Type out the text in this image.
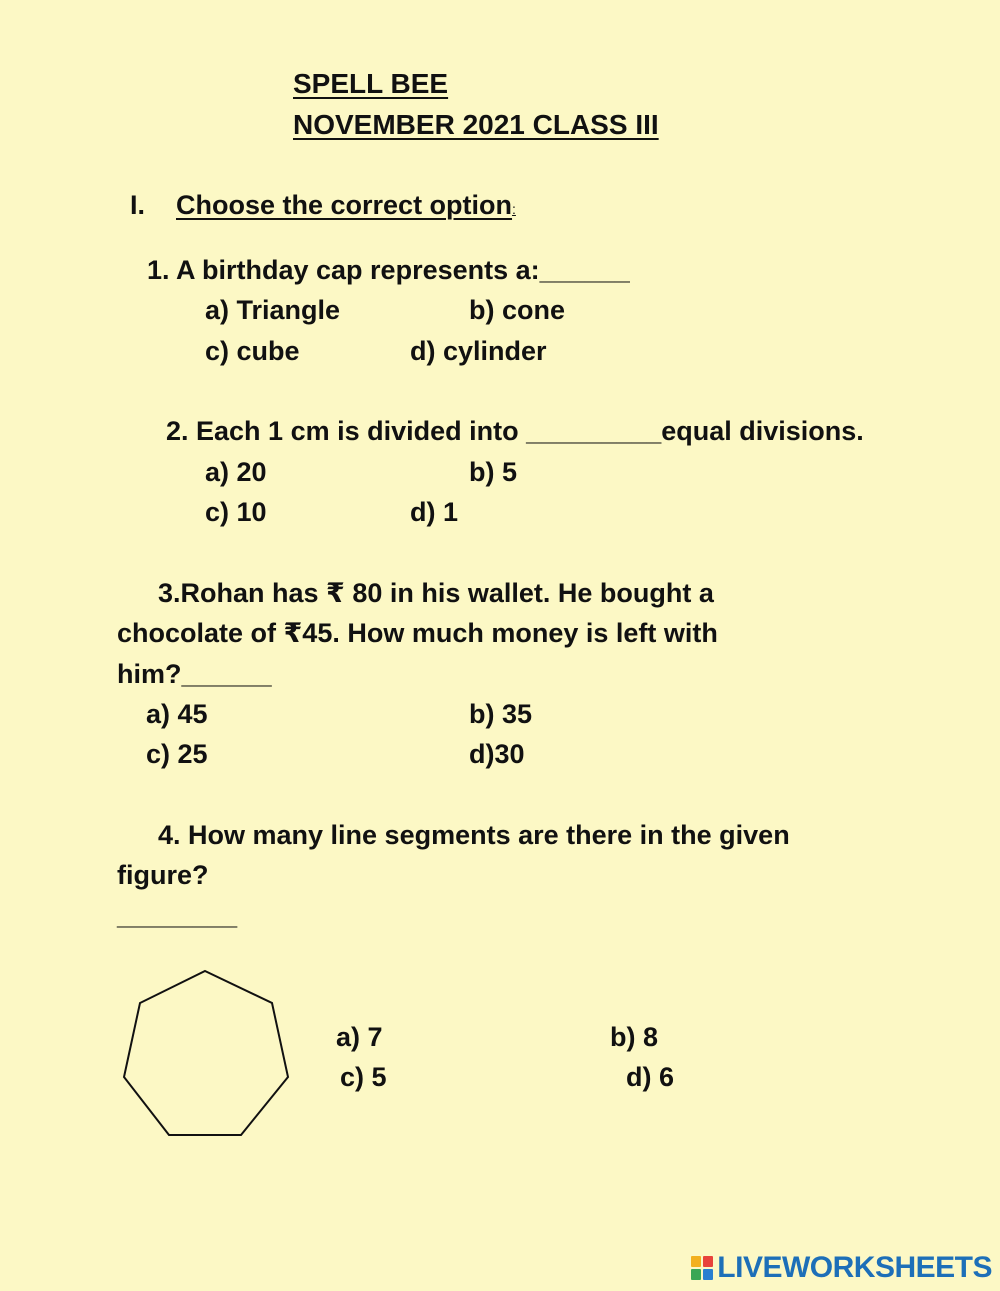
SPELL BEE
NOVEMBER 2021 CLASS III
I. Choose the correct option:
1. A birthday cap represents a:______
a) Triangle	b) cone
c) cube	d) cylinder
2. Each 1 cm is divided into _________equal divisions.
a) 20	b) 5
c) 10	d) 1
3.Rohan has ₹ 80 in his wallet. He bought a
chocolate of ₹45. How much money is left with
him?______
a) 45	b) 35
c) 25	d)30
4. How many line segments are there in the given
figure?
________
a) 7	b) 8
c) 5	d) 6
LIVEWORKSHEETS
